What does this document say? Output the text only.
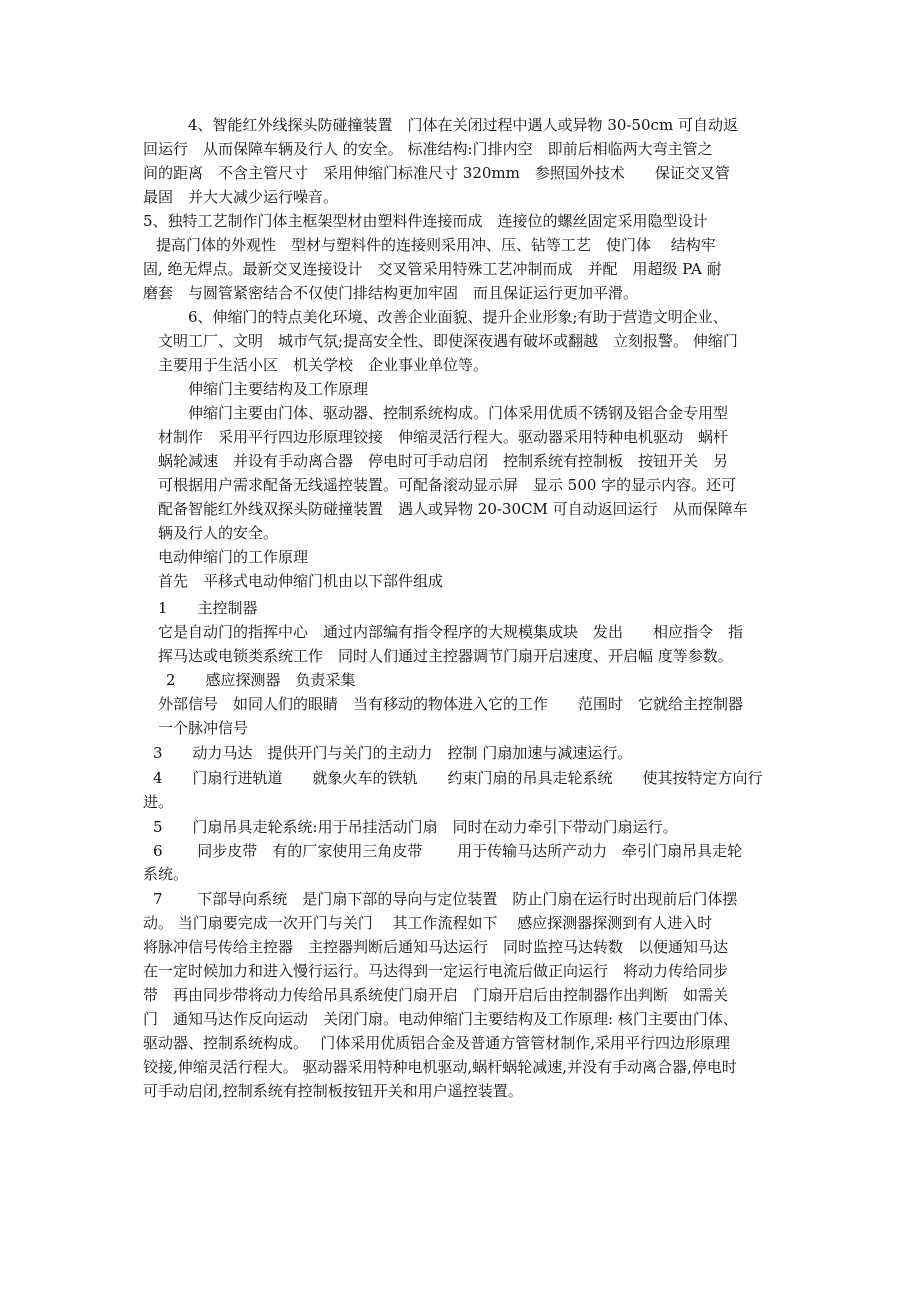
4、智能红外线探头防碰撞装置　门体在关闭过程中遇人或异物 30-50cm 可自动返
回运行　从而保障车辆及行人 的安全。 标准结构:门排内空　即前后相临两大弯主管之
间的距离　不含主管尺寸　采用伸缩门标准尺寸 320mm　参照国外技术　　保证交叉管
最固　并大大减少运行噪音。
5、独特工艺制作门体主框架型材由塑料件连接而成　连接位的螺丝固定采用隐型设计
提高门体的外观性　型材与塑料件的连接则采用冲、压、钻等工艺　使门体　 结构牢
固, 绝无焊点。最新交叉连接设计　交叉管采用特殊工艺冲制而成　并配　用超级 PA 耐
磨套　与圆管紧密结合不仅使门排结构更加牢固　而且保证运行更加平滑。
6、伸缩门的特点美化环境、改善企业面貌、提升企业形象;有助于营造文明企业、
文明工厂、文明　城市气氛;提高安全性、即使深夜遇有破坏或翻越　立刻报警。 伸缩门
主要用于生活小区　机关学校　企业事业单位等。
伸缩门主要结构及工作原理
伸缩门主要由门体、驱动器、控制系统构成。门体采用优质不锈钢及铝合金专用型
材制作　采用平行四边形原理铰接　伸缩灵活行程大。驱动器采用特种电机驱动　蜗杆
蜗轮减速　并设有手动离合器　停电时可手动启闭　控制系统有控制板　按钮开关　另
可根据用户需求配备无线遥控装置。可配备滚动显示屏　显示 500 字的显示内容。还可
配备智能红外线双探头防碰撞装置　遇人或异物 20-30CM 可自动返回运行　从而保障车
辆及行人的安全。
电动伸缩门的工作原理
首先　平移式电动伸缩门机由以下部件组成
1　　主控制器
它是自动门的指挥中心　通过内部编有指令程序的大规模集成块　发出　　相应指令　指
挥马达或电锁类系统工作　同时人们通过主控器调节门扇开启速度、开启幅 度等参数。
2　　感应探测器　负责采集
外部信号　如同人们的眼睛　当有移动的物体进入它的工作　　范围时　它就给主控制器
一个脉冲信号
3　　动力马达　提供开门与关门的主动力　控制 门扇加速与减速运行。
4　　门扇行进轨道　　就象火车的铁轨　　约束门扇的吊具走轮系统　　使其按特定方向行
进。
5　　门扇吊具走轮系统:用于吊挂活动门扇　同时在动力牵引下带动门扇运行。
6　　 同步皮带　有的厂家使用三角皮带　　 用于传输马达所产动力　牵引门扇吊具走轮
系统。
7　　 下部导向系统　是门扇下部的导向与定位装置　防止门扇在运行时出现前后门体摆
动。 当门扇要完成一次开门与关门　 其工作流程如下　 感应探测器探测到有人进入时
将脉冲信号传给主控器　主控器判断后通知马达运行　同时监控马达转数　以便通知马达
在一定时候加力和进入慢行运行。马达得到一定运行电流后做正向运行　将动力传给同步
带　再由同步带将动力传给吊具系统使门扇开启　门扇开启后由控制器作出判断　如需关
门　通知马达作反向运动　关闭门扇。电动伸缩门主要结构及工作原理: 核门主要由门体、
驱动器、控制系统构成。　 门体采用优质铝合金及普通方管管材制作,采用平行四边形原理
铰接,伸缩灵活行程大。 驱动器采用特种电机驱动,蜗杆蜗轮减速,并没有手动离合器,停电时
可手动启闭,控制系统有控制板按钮开关和用户遥控装置。
